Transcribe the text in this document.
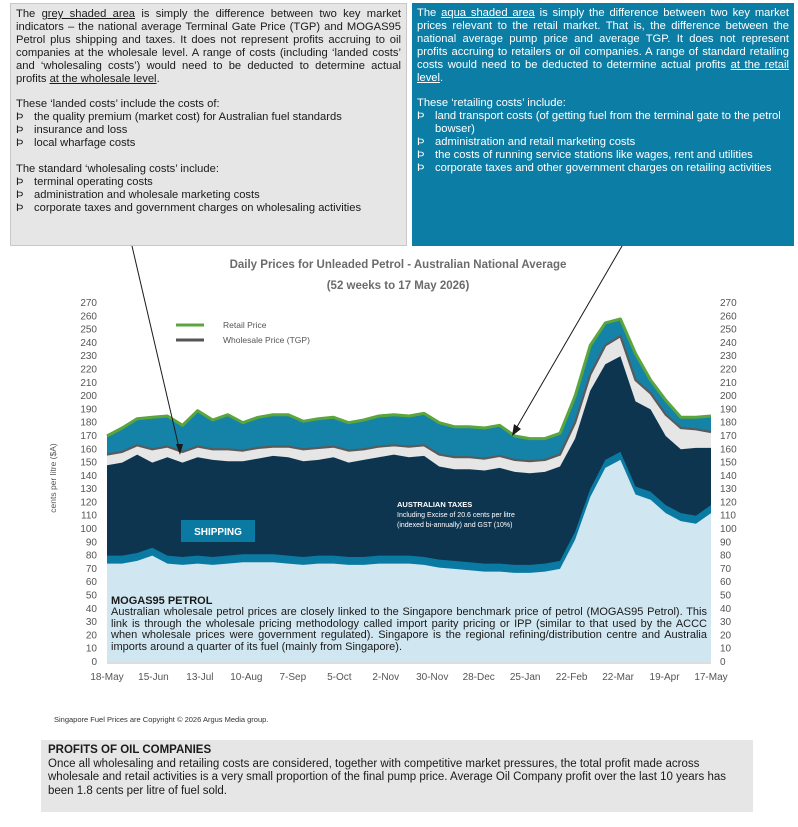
The grey shaded area is simply the difference between two key market indicators – the national average Terminal Gate Price (TGP) and MOGAS95 Petrol plus shipping and taxes. It does not represent profits accruing to oil companies at the wholesale level. A range of costs (including ‘landed costs’ and ‘wholesaling costs’) would need to be deducted to determine actual profits at the wholesale level.

These ‘landed costs’ include the costs of:

Þ the quality premium (market cost) for Australian fuel standards
Þ insurance and loss
Þ local wharfage costs

The standard ‘wholesaling costs’ include:

Þ terminal operating costs
Þ administration and wholesale marketing costs
Þ corporate taxes and government charges on wholesaling activities

The aqua shaded area is simply the difference between two key market prices relevant to the retail market. That is, the difference between the national average pump price and average TGP. It does not represent profits accruing to retailers or oil companies. A range of standard retailing costs would need to be deducted to determine actual profits at the retail level.

These ‘retailing costs’ include:

Þ land transport costs (of getting fuel from the terminal gate to the petrol bowser)
Þ administration and retail marketing costs
Þ the costs of running service stations like wages, rent and utilities
Þ corporate taxes and other government charges on retailing activities
Daily Prices for Unleaded Petrol - Australian National Average
(52 weeks to 17 May 2026)
0
10
20
30
40
50
60
70
80
90
100
110
120
130
140
150
160
170
180
190
200
210
220
230
240
250
260
270
0
10
20
30
40
50
60
70
80
90
100
110
120
130
140
150
160
170
180
190
200
210
220
230
240
250
260
270
18-May 15-Jun 13-Jul 10-Aug 7-Sep 5-Oct 2-Nov 30-Nov 28-Dec 25-Jan 22-Feb 22-Mar 19-Apr 17-May
cents per litre ($A)
Retail Price
Wholesale Price (TGP)
SHIPPING
AUSTRALIAN TAXES
Including Excise of 20.6 cents per litre
(indexed bi-annually) and GST (10%)
MOGAS95 PETROL
Australian wholesale petrol prices are closely linked to the Singapore benchmark price of petrol (MOGAS95 Petrol). This link is through the wholesale pricing methodology called import parity pricing or IPP (similar to that used by the ACCC when wholesale prices were government regulated). Singapore is the regional refining/distribution centre and Australia imports around a quarter of its fuel (mainly from Singapore).
Singapore Fuel Prices are Copyright © 2026 Argus Media group.
PROFITS OF OIL COMPANIES
Once all wholesaling and retailing costs are considered, together with competitive market pressures, the total profit made across wholesale and retail activities is a very small proportion of the final pump price. Average Oil Company profit over the last 10 years has been 1.8 cents per litre of fuel sold.
